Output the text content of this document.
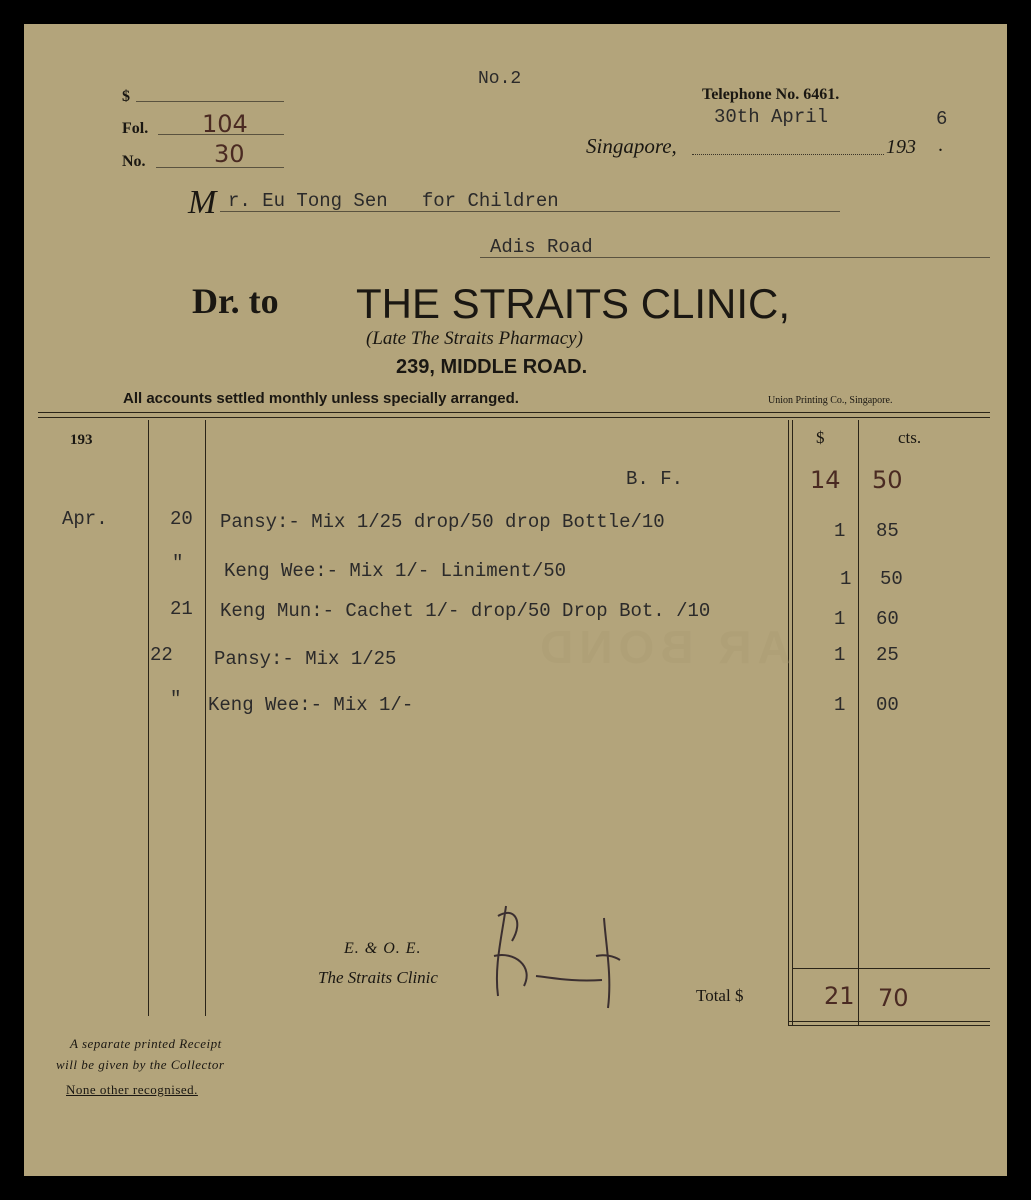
$
Fol. 104
No.	30
No.2
Telephone No. 6461.
30th April	6
Singapore,	193 .
M r. Eu Tong Sen   for Children
Adis Road
Dr. to THE STRAITS CLINIC,
(Late The Straits Pharmacy)
239, MIDDLE ROAD.
All accounts settled monthly unless specially arranged.	Union Printing Co., Singapore.
193	$	cts.
B. F.	14 50
Apr.	20 Pansy:- Mix 1/25 drop/50 drop Bottle/10	1 85
" Keng Wee:- Mix 1/- Liniment/50	1 50
21 Keng Mun:- Cachet 1/- drop/50 Drop Bot. /10	1 60
AR BOND
22 Pansy:- Mix 1/25	1 25
" Keng Wee:- Mix 1/-	1 00
E. & O. E.
The Straits Clinic
Total $	21 70
A separate printed Receipt
will be given by the Collector
None other recognised.
